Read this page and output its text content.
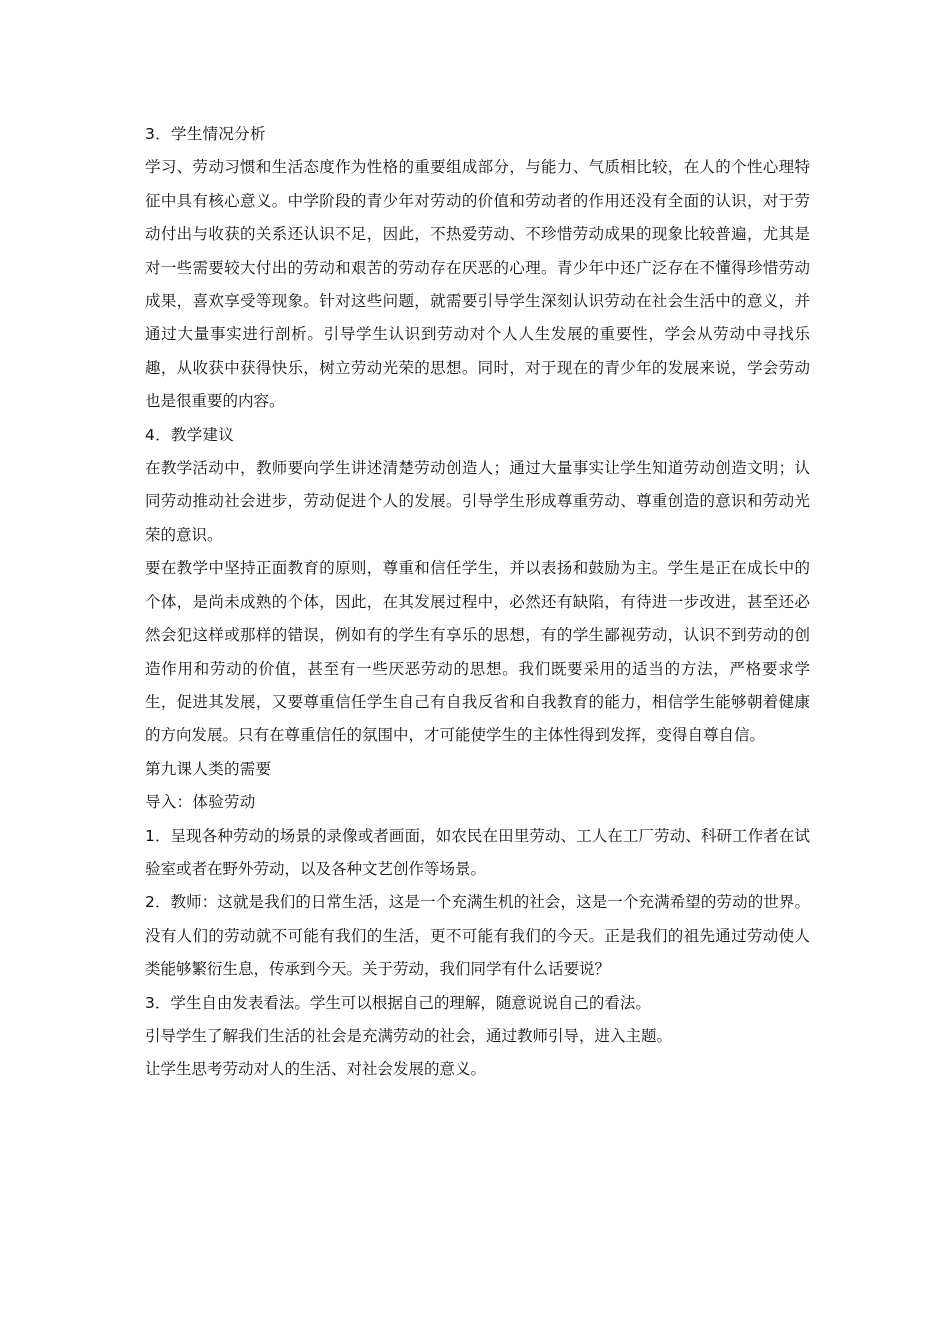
3．学生情况分析

学习、劳动习惯和生活态度作为性格的重要组成部分，与能力、气质相比较，在人的个性心理特征中具有核心意义。中学阶段的青少年对劳动的价值和劳动者的作用还没有全面的认识，对于劳动付出与收获的关系还认识不足，因此，不热爱劳动、不珍惜劳动成果的现象比较普遍，尤其是对一些需要较大付出的劳动和艰苦的劳动存在厌恶的心理。青少年中还广泛存在不懂得珍惜劳动成果，喜欢享受等现象。针对这些问题，就需要引导学生深刻认识劳动在社会生活中的意义，并通过大量事实进行剖析。引导学生认识到劳动对个人人生发展的重要性，学会从劳动中寻找乐趣，从收获中获得快乐，树立劳动光荣的思想。同时，对于现在的青少年的发展来说，学会劳动也是很重要的内容。

4．教学建议

在教学活动中，教师要向学生讲述清楚劳动创造人；通过大量事实让学生知道劳动创造文明；认同劳动推动社会进步，劳动促进个人的发展。引导学生形成尊重劳动、尊重创造的意识和劳动光荣的意识。

要在教学中坚持正面教育的原则，尊重和信任学生，并以表扬和鼓励为主。学生是正在成长中的个体，是尚未成熟的个体，因此，在其发展过程中，必然还有缺陷，有待进一步改进，甚至还必然会犯这样或那样的错误，例如有的学生有享乐的思想，有的学生鄙视劳动，认识不到劳动的创造作用和劳动的价值，甚至有一些厌恶劳动的思想。我们既要采用的适当的方法，严格要求学生，促进其发展，又要尊重信任学生自己有自我反省和自我教育的能力，相信学生能够朝着健康的方向发展。只有在尊重信任的氛围中，才可能使学生的主体性得到发挥，变得自尊自信。

第九课人类的需要

导入：体验劳动

1．呈现各种劳动的场景的录像或者画面，如农民在田里劳动、工人在工厂劳动、科研工作者在试验室或者在野外劳动，以及各种文艺创作等场景。

2．教师：这就是我们的日常生活，这是一个充满生机的社会，这是一个充满希望的劳动的世界。没有人们的劳动就不可能有我们的生活，更不可能有我们的今天。正是我们的祖先通过劳动使人类能够繁衍生息，传承到今天。关于劳动，我们同学有什么话要说？

3．学生自由发表看法。学生可以根据自己的理解，随意说说自己的看法。

引导学生了解我们生活的社会是充满劳动的社会，通过教师引导，进入主题。

让学生思考劳动对人的生活、对社会发展的意义。
